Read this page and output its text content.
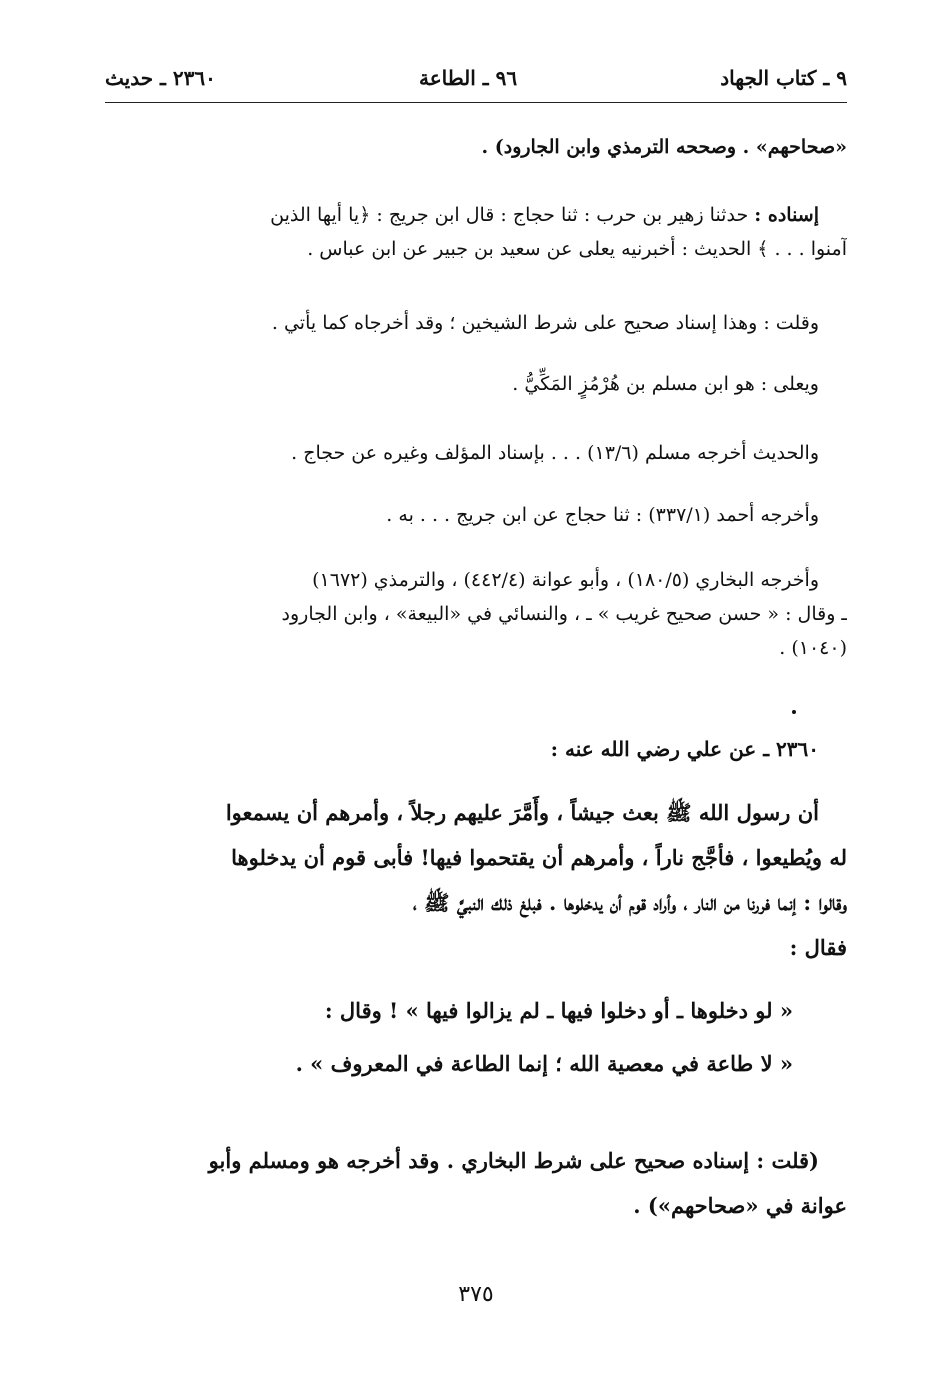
٩ ـ كتاب الجهاد
٩٦ ـ الطاعة
٢٣٦٠ ـ حديث
«صحاحهم» . وصححه الترمذي وابن الجارود) .
إسناده : حدثنا زهير بن حرب : ثنا حجاج : قال ابن جريج : ﴿يا أيها الذين
آمنوا . . . ﴾ الحديث : أخبرنيه يعلى عن سعيد بن جبير عن ابن عباس .
وقلت : وهذا إسناد صحيح على شرط الشيخين ؛ وقد أخرجاه كما يأتي .
ويعلى : هو ابن مسلم بن هُرْمُزٍ المَكِّيُّ .
والحديث أخرجه مسلم (١٣/٦) . . . بإسناد المؤلف وغيره عن حجاج .
وأخرجه أحمد (٣٣٧/١) : ثنا حجاج عن ابن جريج . . . به .
وأخرجه البخاري (١٨٠/٥) ، وأبو عوانة (٤٤٢/٤) ، والترمذي (١٦٧٢)
ـ وقال : « حسن صحيح غريب » ـ ، والنسائي في «البيعة» ، وابن الجارود
(١٠٤٠) .
٢٣٦٠ ـ عن علي رضي الله عنه :
أن رسول الله ﷺ بعث جيشاً ، وأَمَّرَ عليهم رجلاً ، وأمرهم أن يسمعوا
له ويُطيعوا ، فأجَّج ناراً ، وأمرهم أن يقتحموا فيها! فأبى قوم أن يدخلوها
وقالوا : إنما فررنا من النار ، وأراد قوم أن يدخلوها . فبلغ ذلك النبيَّ ﷺ ،
فقال :
« لو دخلوها ـ أو دخلوا فيها ـ لم يزالوا فيها » ! وقال :
« لا طاعة في معصية الله ؛ إنما الطاعة في المعروف » .
(قلت : إسناده صحيح على شرط البخاري . وقد أخرجه هو ومسلم وأبو
عوانة في «صحاحهم») .
٣٧٥
